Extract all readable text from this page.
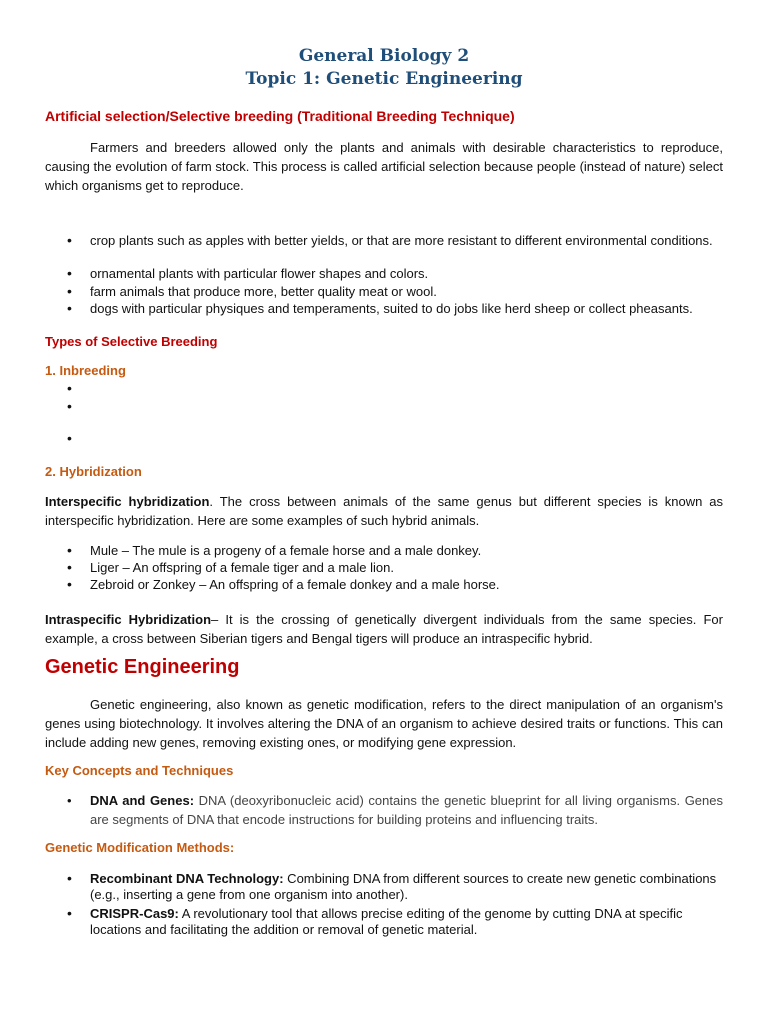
General Biology 2
Topic 1: Genetic Engineering
Artificial selection/Selective breeding (Traditional Breeding Technique)
Farmers and breeders allowed only the plants and animals with desirable characteristics to reproduce, causing the evolution of farm stock. This process is called artificial selection because people (instead of nature) select which organisms get to reproduce.
• crop plants such as apples with better yields, or that are more resistant to different environmental conditions.
• ornamental plants with particular flower shapes and colors.
• farm animals that produce more, better quality meat or wool.
• dogs with particular physiques and temperaments, suited to do jobs like herd sheep or collect pheasants.
Types of Selective Breeding
1. Inbreeding
•
•
•
2. Hybridization
Interspecific hybridization. The cross between animals of the same genus but different species is known as interspecific hybridization. Here are some examples of such hybrid animals.
• Mule – The mule is a progeny of a female horse and a male donkey.
• Liger – An offspring of a female tiger and a male lion.
• Zebroid or Zonkey – An offspring of a female donkey and a male horse.
Intraspecific Hybridization– It is the crossing of genetically divergent individuals from the same species. For example, a cross between Siberian tigers and Bengal tigers will produce an intraspecific hybrid.
Genetic Engineering
Genetic engineering, also known as genetic modification, refers to the direct manipulation of an organism's genes using biotechnology. It involves altering the DNA of an organism to achieve desired traits or functions. This can include adding new genes, removing existing ones, or modifying gene expression.
Key Concepts and Techniques
• DNA and Genes: DNA (deoxyribonucleic acid) contains the genetic blueprint for all living organisms. Genes are segments of DNA that encode instructions for building proteins and influencing traits.
Genetic Modification Methods:
• Recombinant DNA Technology: Combining DNA from different sources to create new genetic combinations (e.g., inserting a gene from one organism into another).
• CRISPR-Cas9: A revolutionary tool that allows precise editing of the genome by cutting DNA at specific locations and facilitating the addition or removal of genetic material.
